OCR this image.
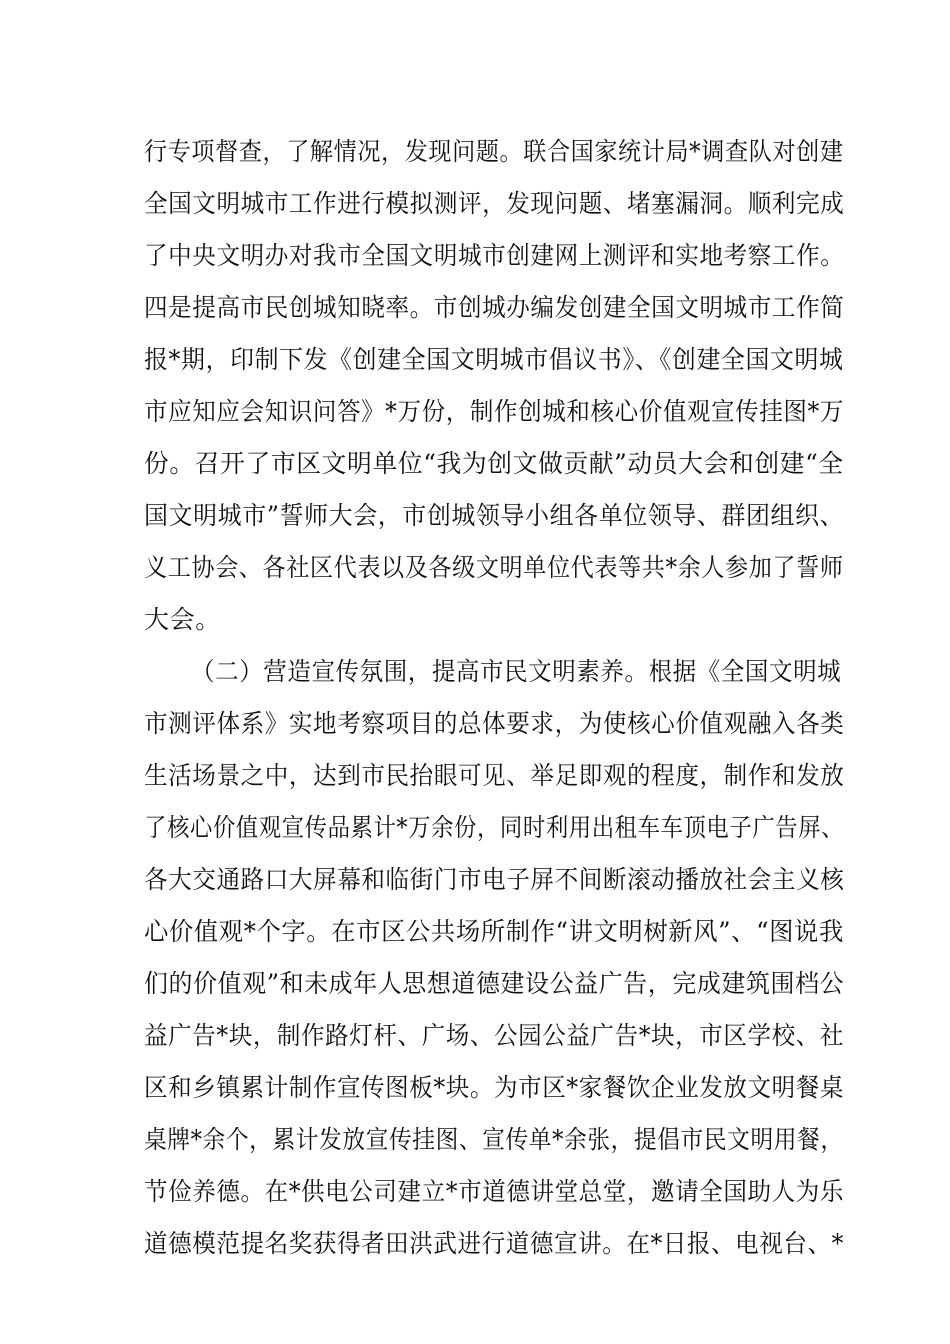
行专项督查，了解情况，发现问题。联合国家统计局*调查队对创建
全国文明城市工作进行模拟测评，发现问题、堵塞漏洞。顺利完成
了中央文明办对我市全国文明城市创建网上测评和实地考察工作。
四是提高市民创城知晓率。市创城办编发创建全国文明城市工作简
报*期，印制下发《创建全国文明城市倡议书》、《创建全国文明城
市应知应会知识问答》*万份，制作创城和核心价值观宣传挂图*万
份。召开了市区文明单位“我为创文做贡献”动员大会和创建“全
国文明城市”誓师大会，市创城领导小组各单位领导、群团组织、
义工协会、各社区代表以及各级文明单位代表等共*余人参加了誓师
大会。
（二）营造宣传氛围，提高市民文明素养。根据《全国文明城
市测评体系》实地考察项目的总体要求，为使核心价值观融入各类
生活场景之中，达到市民抬眼可见、举足即观的程度，制作和发放
了核心价值观宣传品累计*万余份，同时利用出租车车顶电子广告屏、
各大交通路口大屏幕和临街门市电子屏不间断滚动播放社会主义核
心价值观*个字。在市区公共场所制作“讲文明树新风”、“图说我
们的价值观”和未成年人思想道德建设公益广告，完成建筑围档公
益广告*块，制作路灯杆、广场、公园公益广告*块，市区学校、社
区和乡镇累计制作宣传图板*块。为市区*家餐饮企业发放文明餐桌
桌牌*余个，累计发放宣传挂图、宣传单*余张，提倡市民文明用餐，
节俭养德。在*供电公司建立*市道德讲堂总堂，邀请全国助人为乐
道德模范提名奖获得者田洪武进行道德宣讲。在*日报、电视台、*
